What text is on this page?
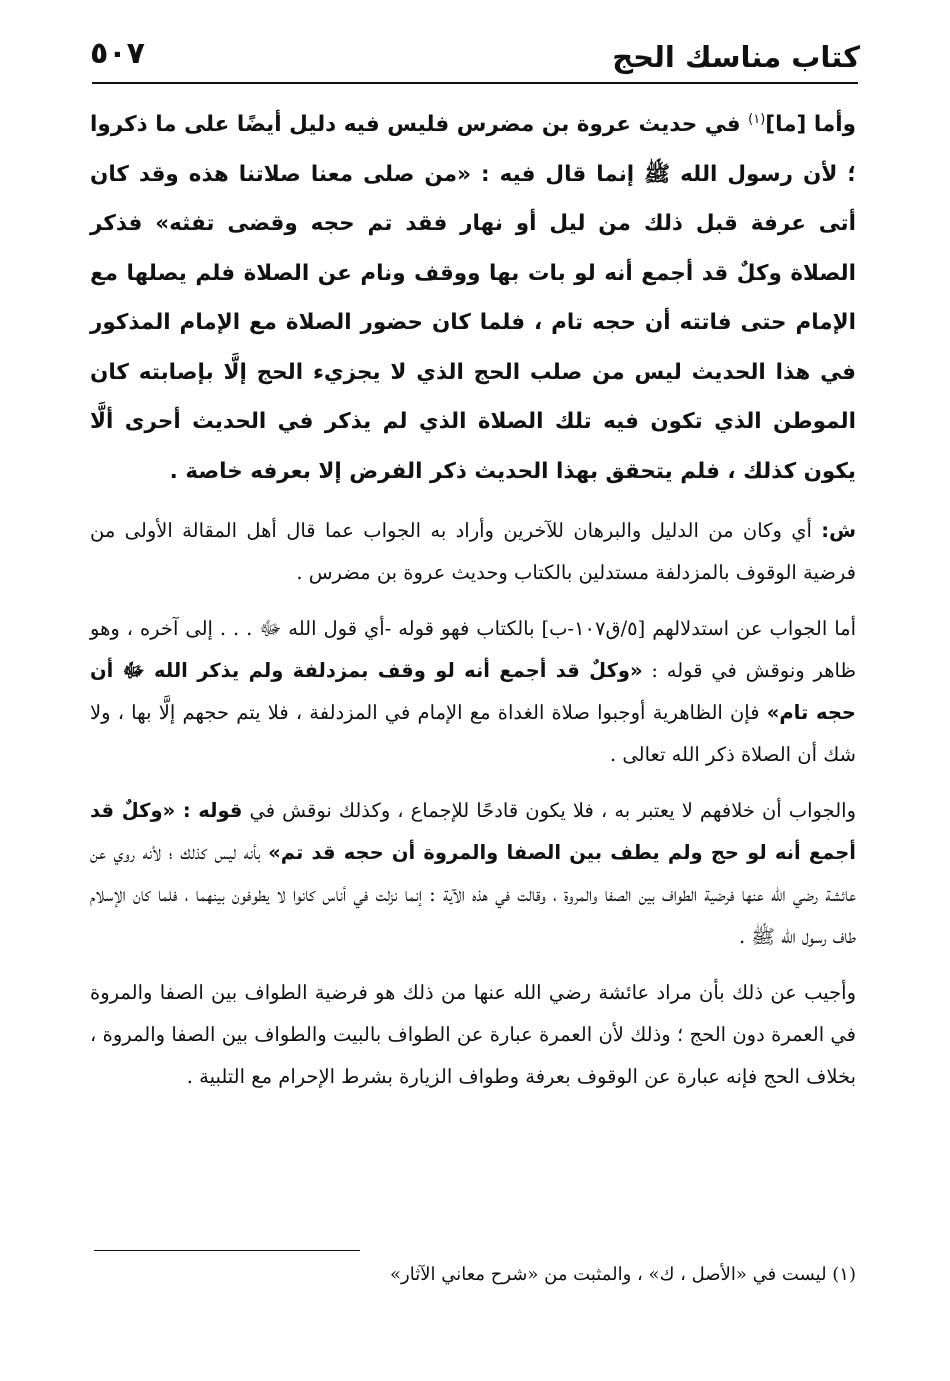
كتاب مناسك الحج
٥٠٧

وأما [ما]$^{(١)}$ في حديث عروة بن مضرس فليس فيه دليل أيضًا على ما ذكروا ؛ لأن رسول الله ﷺ إنما قال فيه : «من صلى معنا صلاتنا هذه وقد كان أتى عرفة قبل ذلك من ليل أو نهار فقد تم حجه وقضى تفثه» فذكر الصلاة وكلٌ قد أجمع أنه لو بات بها ووقف ونام عن الصلاة فلم يصلها مع الإمام حتى فاتته أن حجه تام ، فلما كان حضور الصلاة مع الإمام المذكور في هذا الحديث ليس من صلب الحج الذي لا يجزيء الحج إلَّا بإصابته كان الموطن الذي تكون فيه تلك الصلاة الذي لم يذكر في الحديث أحرى ألَّا يكون كذلك ، فلم يتحقق بهذا الحديث ذكر الفرض إلا بعرفه خاصة .

ش: أي وكان من الدليل والبرهان للآخرين وأراد به الجواب عما قال أهل المقالة الأولى من فرضية الوقوف بالمزدلفة مستدلين بالكتاب وحديث عروة بن مضرس .

أما الجواب عن استدلالهم [٥/ق١٠٧-ب] بالكتاب فهو قوله -أي قول الله ﷻ . . . إلى آخره ، وهو ظاهر ونوقش في قوله : «وكلٌ قد أجمع أنه لو وقف بمزدلفة ولم يذكر الله ﷻ أن حجه تام» فإن الظاهرية أوجبوا صلاة الغداة مع الإمام في المزدلفة ، فلا يتم حجهم إلَّا بها ، ولا شك أن الصلاة ذكر الله تعالى .

والجواب أن خلافهم لا يعتبر به ، فلا يكون قادحًا للإجماع ، وكذلك نوقش في قوله : «وكلٌ قد أجمع أنه لو حج ولم يطف بين الصفا والمروة أن حجه قد تم» بأنه ليس كذلك ؛ لأنه روي عن عائشة رضي الله عنها فرضية الطواف بين الصفا والمروة ، وقالت في هذه الآية : إنما نزلت في أناس كانوا لا يطوفون بينهما ، فلما كان الإسلام طاف رسول الله ﷺ .

وأجيب عن ذلك بأن مراد عائشة رضي الله عنها من ذلك هو فرضية الطواف بين الصفا والمروة في العمرة دون الحج ؛ وذلك لأن العمرة عبارة عن الطواف بالبيت والطواف بين الصفا والمروة ، بخلاف الحج فإنه عبارة عن الوقوف بعرفة وطواف الزيارة بشرط الإحرام مع التلبية .

(١) ليست في «الأصل ، ك» ، والمثبت من «شرح معاني الآثار»
